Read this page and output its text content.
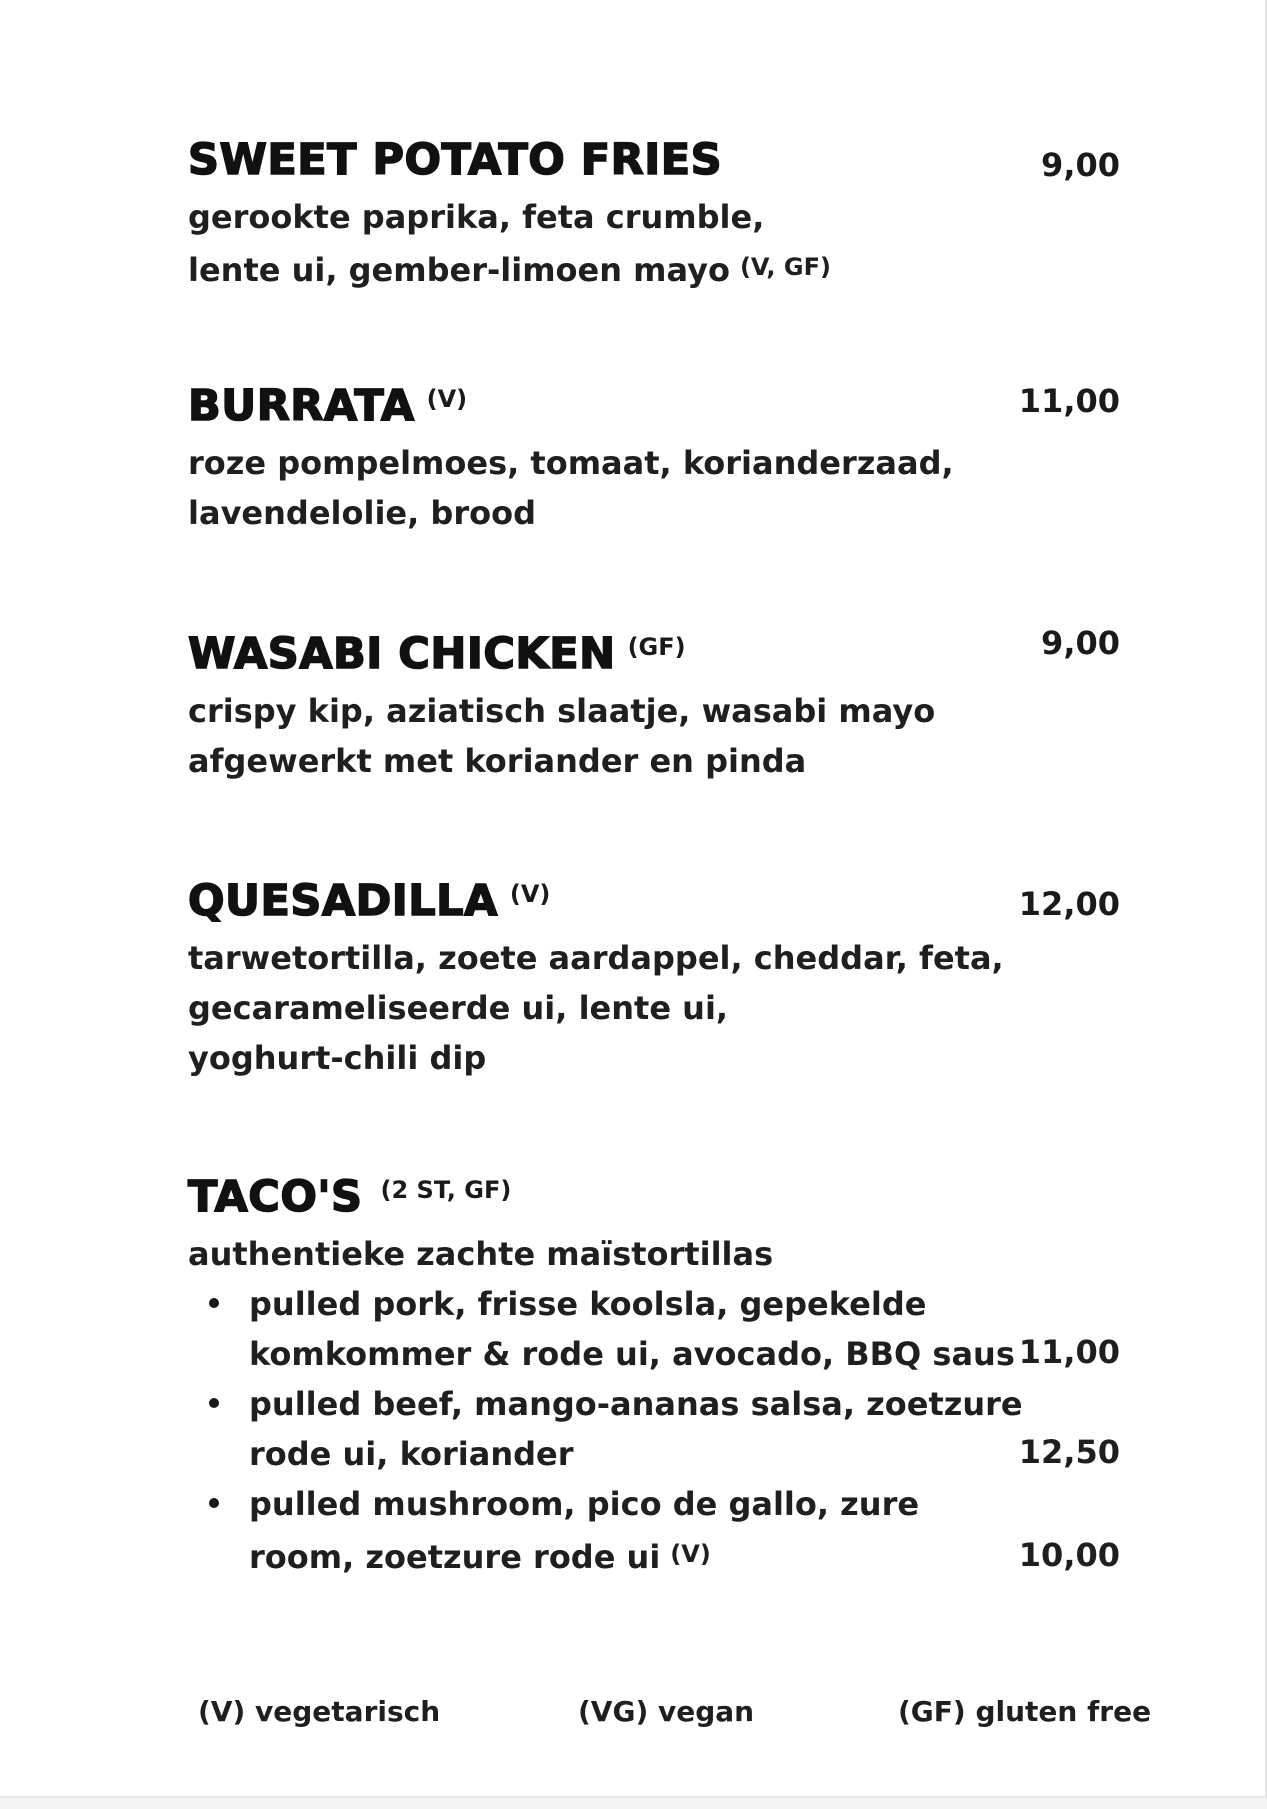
SWEET POTATO FRIES	9,00
gerookte paprika, feta crumble,
lente ui, gember-limoen mayo (V, GF)
BURRATA (V)	11,00
roze pompelmoes, tomaat, korianderzaad,
lavendelolie, brood
WASABI CHICKEN (GF)	9,00
crispy kip, aziatisch slaatje, wasabi mayo
afgewerkt met koriander en pinda
QUESADILLA (V)	12,00
tarwetortilla, zoete aardappel, cheddar, feta,
gecarameliseerde ui, lente ui,
yoghurt-chili dip
TACO'S (2 ST, GF)
authentieke zachte maïstortillas
pulled pork, frisse koolsla, gepekelde
komkommer & rode ui, avocado, BBQ saus 11,00
pulled beef, mango-ananas salsa, zoetzure
rode ui, koriander	12,50
pulled mushroom, pico de gallo, zure
room, zoetzure rode ui (V)	10,00
(V) vegetarisch	(VG) vegan	(GF) gluten free
